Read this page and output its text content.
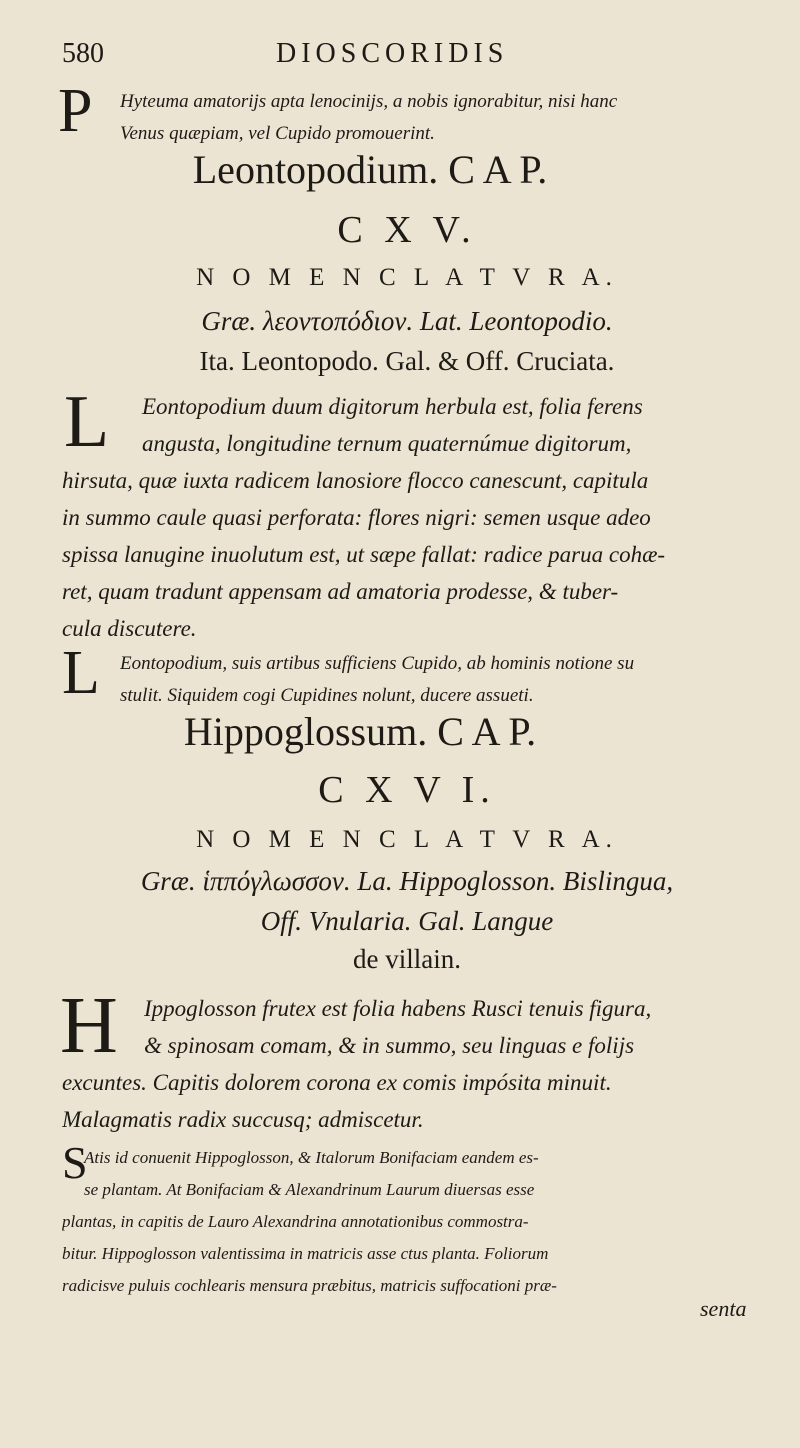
580	DIOSCORIDIS
P Hyteuma amatorijs apta lenocinijs, a nobis ignorabitur, nisi hanc
Venus quæpiam, vel Cupido promouerint.
Leontopodium. C A P.
C X V.
N O M E N C L A T V R A.
Græ. λεοντοπόδιον. Lat. Leontopodio.
Ita. Leontopodo. Gal. & Off. Cruciata.
L	Eontopodium duum digitorum herbula est, folia ferens
angusta, longitudine ternum quaternúmue digitorum,
hirsuta, quæ iuxta radicem lanosiore flocco canescunt, capitula
in summo caule quasi perforata: flores nigri: semen usque adeo
spissa lanugine inuolutum est, ut sæpe fallat: radice parua cohæ-
ret, quam tradunt appensam ad amatoria prodesse, & tuber-
cula discutere.
L Eontopodium, suis artibus sufficiens Cupido, ab hominis notione su
stulit. Siquidem cogi Cupidines nolunt, ducere assueti.
Hippoglossum. C A P.
C X V I.
N O M E N C L A T V R A.
Græ. ἱππόγλωσσον. La. Hippoglosson. Bislingua,
Off. Vnularia. Gal. Langue
de villain.
H	Ippoglosson frutex est folia habens Rusci tenuis figura,
& spinosam comam, & in summo, seu linguas e folijs
excuntes. Capitis dolorem corona ex comis impósita minuit.
Malagmatis radix succusq; admiscetur.
S
Atis id conuenit Hippoglosson, & Italorum Bonifaciam eandem es-
se plantam. At Bonifaciam & Alexandrinum Laurum diuersas esse
plantas, in capitis de Lauro Alexandrina annotationibus commostra-
bitur. Hippoglosson valentissima in matricis asse ctus planta. Foliorum
radicisve puluis cochlearis mensura præbitus, matricis suffocationi præ-
senta
